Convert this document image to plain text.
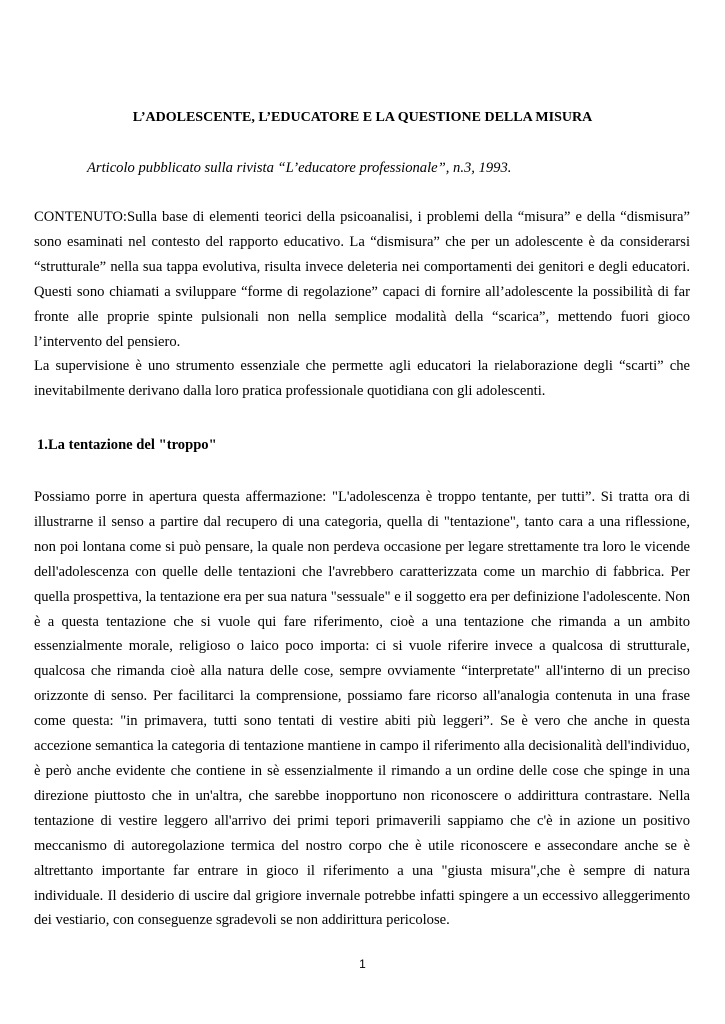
L’ADOLESCENTE, L’EDUCATORE E LA QUESTIONE DELLA MISURA

Articolo pubblicato sulla rivista “L’educatore professionale”, n.3, 1993.

CONTENUTO:Sulla base di elementi teorici della psicoanalisi, i problemi della “misura” e della “dismisura” sono esaminati nel contesto del rapporto educativo. La “dismisura” che per un adolescente è da considerarsi “strutturale” nella sua tappa evolutiva, risulta invece deleteria nei comportamenti dei genitori e degli educatori. Questi sono chiamati a sviluppare “forme di regolazione” capaci di fornire all’adolescente la possibilità di far fronte alle proprie spinte pulsionali non nella semplice modalità della “scarica”, mettendo fuori gioco l’intervento del pensiero.

La supervisione è uno strumento essenziale che permette agli educatori la rielaborazione degli “scarti” che inevitabilmente derivano dalla loro pratica professionale quotidiana con gli adolescenti.

1.La tentazione del "troppo"

Possiamo porre in apertura questa affermazione: "L'adolescenza è troppo tentante, per tutti”. Si tratta ora di illustrarne il senso a partire dal recupero di una categoria, quella di "tentazione", tanto cara a una riflessione, non poi lontana come si può pensare, la quale non perdeva occasione per legare strettamente tra loro le vicende dell'adolescenza con quelle delle tentazioni che l'avrebbero caratterizzata come un marchio di fabbrica. Per quella prospettiva, la tentazione era per sua natura "sessuale" e il soggetto era per definizione l'adolescente. Non è a questa tentazione che si vuole qui fare riferimento, cioè a una tentazione che rimanda a un ambito essenzialmente morale, religioso o laico poco importa: ci si vuole riferire invece a qualcosa di strutturale, qualcosa che rimanda cioè alla natura delle cose, sempre ovviamente “interpretate" all'interno di un preciso orizzonte di senso. Per facilitarci la comprensione, possiamo fare ricorso all'analogia contenuta in una frase come questa: "in primavera, tutti sono tentati di vestire abiti più leggeri”. Se è vero che anche in questa accezione semantica la categoria di tentazione mantiene in campo il riferimento alla decisionalità dell'individuo, è però anche evidente che contiene in sè essenzialmente il rimando a un ordine delle cose che spinge in una direzione piuttosto che in un'altra, che sarebbe inopportuno non riconoscere o addirittura contrastare. Nella tentazione di vestire leggero all'arrivo dei primi tepori primaverili sappiamo che c'è in azione un positivo meccanismo di autoregolazione termica del nostro corpo che è utile riconoscere e assecondare anche se è altrettanto importante far entrare in gioco il riferimento a una "giusta misura",che è sempre di natura individuale. Il desiderio di uscire dal grigiore invernale potrebbe infatti spingere a un eccessivo alleggerimento dei vestiario, con conseguenze sgradevoli se non addirittura pericolose.

1
